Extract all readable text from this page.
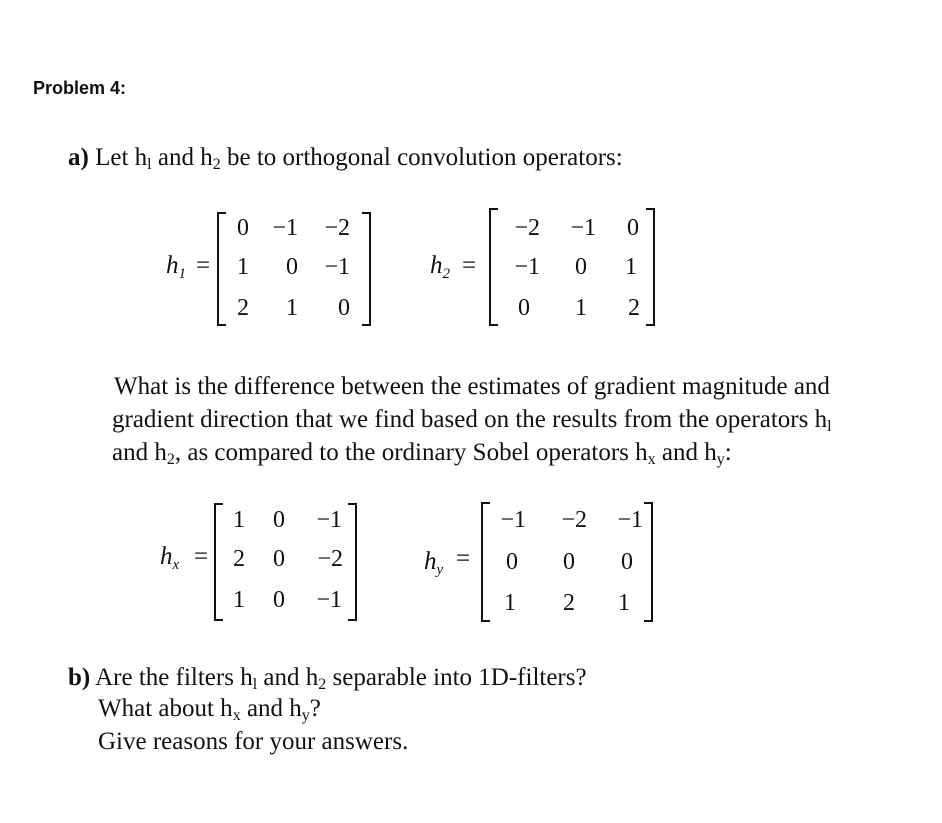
Problem 4:
a) Let $h_l$ and $h_2$ be to orthogonal convolution operators:
$h_1$ =
0 −1	−2
1	0	−1
2	1	0
$h_2$ =
−2	−1	0
−1	0	1
0	1	2
What is the difference between the estimates of gradient magnitude and
gradient direction that we find based on the results from the operators $h_l$
and $h_2$, as compared to the ordinary Sobel operators $h_x$ and $h_y$:
$h_x$ =
1	0	−1
2	0	−2
1	0	−1
$h_y$ =
−1	−2	−1
0	0	0
1	2	1
b) Are the filters $h_l$ and $h_2$ separable into 1D-filters?
What about $h_x$ and $h_y$?
Give reasons for your answers.
